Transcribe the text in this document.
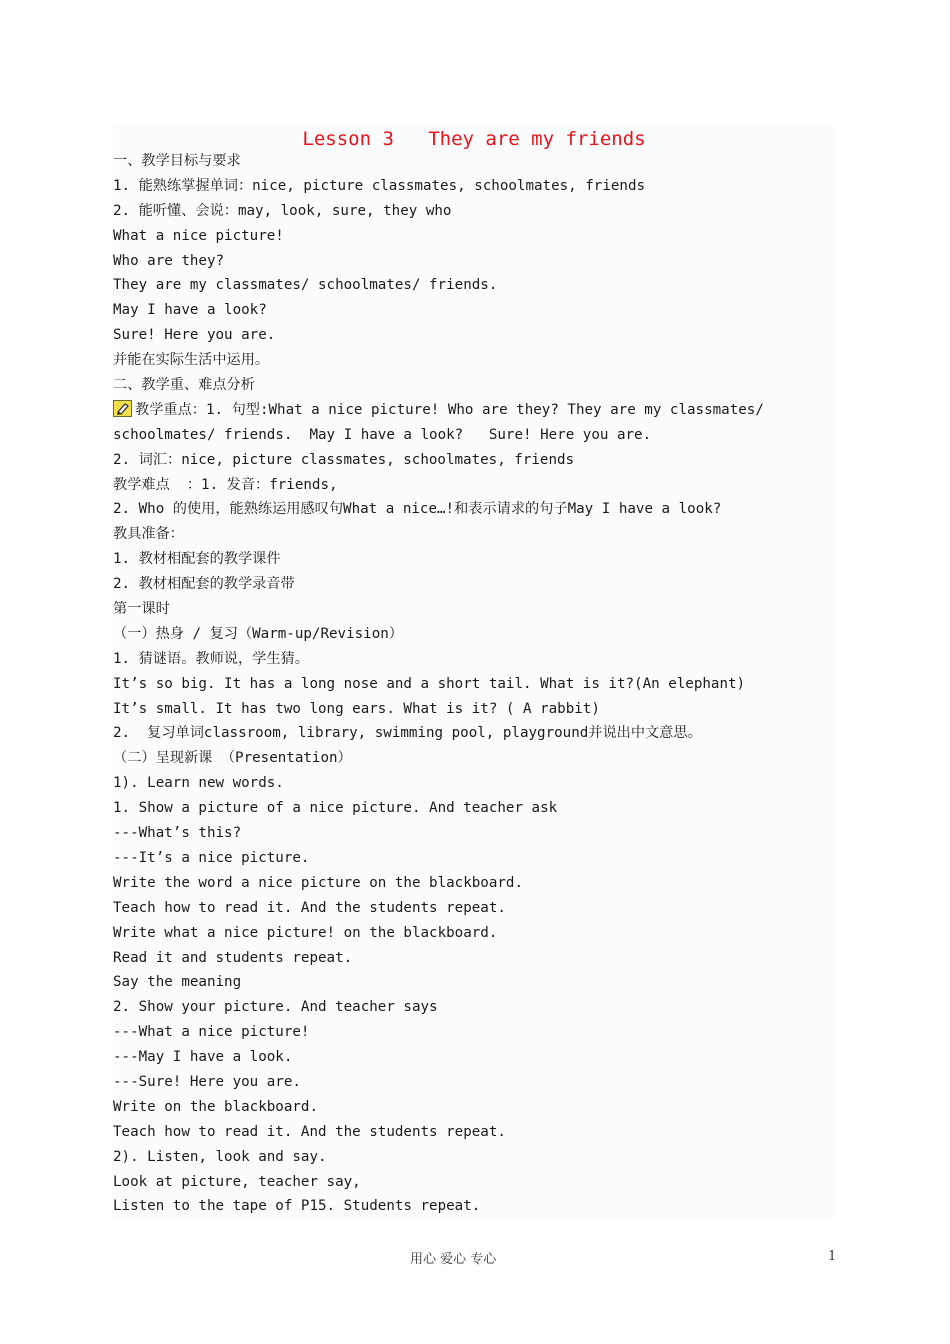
Lesson 3   They are my friends
一、教学目标与要求
1. 能熟练掌握单词：nice, picture classmates, schoolmates, friends
2. 能听懂、会说：may, look, sure, they who
What a nice picture!
Who are they?
They are my classmates/ schoolmates/ friends.
May I have a look?
Sure! Here you are.
并能在实际生活中运用。
二、教学重、难点分析
教学重点：1. 句型:What a nice picture! Who are they? They are my classmates/
schoolmates/ friends.  May I have a look?   Sure! Here you are.
2. 词汇：nice, picture classmates, schoolmates, friends
教学难点  ：1. 发音：friends,
2. Who 的使用，能熟练运用感叹句What a nice…!和表示请求的句子May I have a look?
教具准备：
1. 教材相配套的教学课件
2. 教材相配套的教学录音带
第一课时
（一）热身 / 复习（Warm-up/Revision）
1. 猜谜语。教师说，学生猜。
It’s so big. It has a long nose and a short tail. What is it?(An elephant)
It’s small. It has two long ears. What is it? ( A rabbit)
2.  复习单词classroom, library, swimming pool, playground并说出中文意思。
（二）呈现新课 （Presentation）
1). Learn new words.
1. Show a picture of a nice picture. And teacher ask
---What’s this?
---It’s a nice picture.
Write the word a nice picture on the blackboard.
Teach how to read it. And the students repeat.
Write what a nice picture! on the blackboard.
Read it and students repeat.
Say the meaning
2. Show your picture. And teacher says
---What a nice picture!
---May I have a look.
---Sure! Here you are.
Write on the blackboard.
Teach how to read it. And the students repeat.
2). Listen, look and say.
Look at picture, teacher say,
Listen to the tape of P15. Students repeat.
用心 爱心 专心	1
